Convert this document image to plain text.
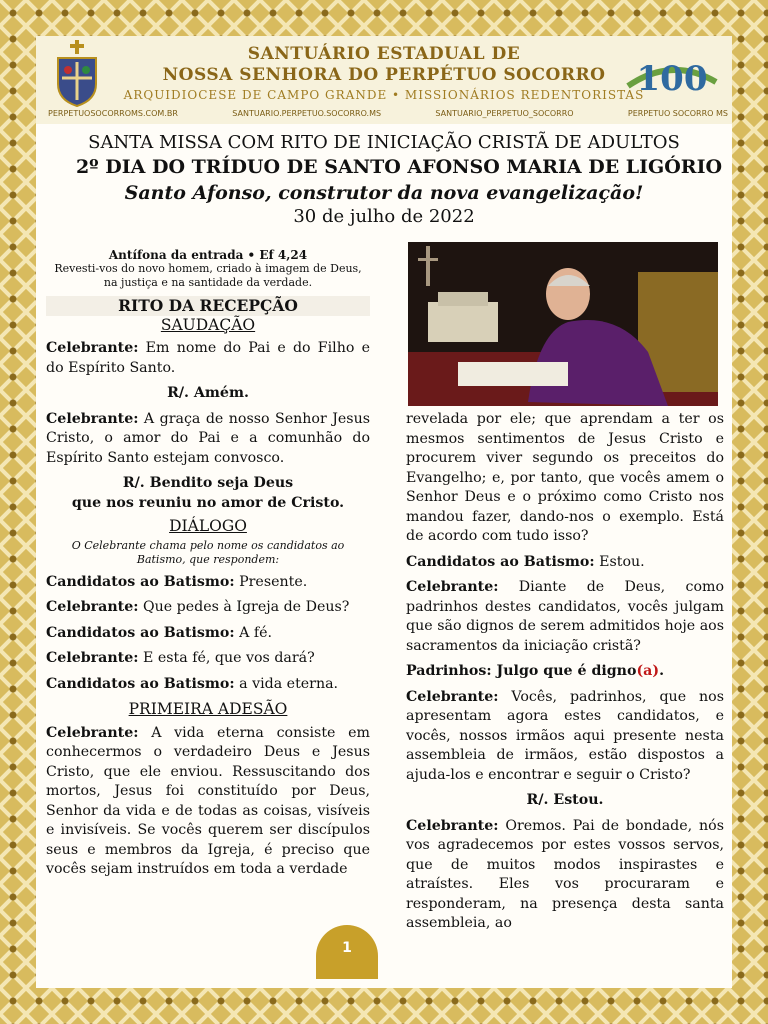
SANTUÁRIO ESTADUAL DE
NOSSA SENHORA DO PERPÉTUO SOCORRO
ARQUIDIOCESE DE CAMPO GRANDE • MISSIONÁRIOS REDENTORISTAS
100
PERPETUOSOCORROMS.COM.BR	SANTUARIO.PERPETUO.SOCORRO.MS	SANTUARIO_PERPETUO_SOCORRO	PERPETUO SOCORRO MS
SANTA MISSA COM RITO DE INICIAÇÃO CRISTÃ DE ADULTOS
2º DIA DO TRÍDUO DE SANTO AFONSO MARIA DE LIGÓRIO
Santo Afonso, construtor da nova evangelização!
30 de julho de 2022
Antífona da entrada • Ef 4,24
Revesti-vos do novo homem, criado à imagem de Deus, na justiça e na santidade da verdade.
RITO DA RECEPÇÃO
SAUDAÇÃO

Celebrante: Em nome do Pai e do Filho e do Espírito Santo.

R/. Amém.

Celebrante: A graça de nosso Senhor Jesus Cristo, o amor do Pai e a comunhão do Espírito Santo estejam convosco.

R/. Bendito seja Deus
que nos reuniu no amor de Cristo.
DIÁLOGO
O Celebrante chama pelo nome os candidatos ao Batismo, que respondem:

Candidatos ao Batismo: Presente.

Celebrante: Que pedes à Igreja de Deus?

Candidatos ao Batismo: A fé.

Celebrante: E esta fé, que vos dará?

Candidatos ao Batismo: a vida eterna.

PRIMEIRA ADESÃO

Celebrante: A vida eterna consiste em conhecermos o verdadeiro Deus e Jesus Cristo, que ele enviou. Ressuscitando dos mortos, Jesus foi constituído por Deus, Senhor da vida e de todas as coisas, visíveis e invisíveis. Se vocês querem ser discípulos seus e membros da Igreja, é preciso que vocês sejam instruídos em toda a verdade

revelada por ele; que aprendam a ter os mesmos sentimentos de Jesus Cristo e procurem viver segundo os preceitos do Evangelho; e, por tanto, que vocês amem o Senhor Deus e o próximo como Cristo nos mandou fazer, dando-nos o exemplo. Está de acordo com tudo isso?

Candidatos ao Batismo: Estou.

Celebrante: Diante de Deus, como padrinhos destes candidatos, vocês julgam que são dignos de serem admitidos hoje aos sacramentos da iniciação cristã?

Padrinhos: Julgo que é digno(a).

Celebrante: Vocês, padrinhos, que nos apresentam agora estes candidatos, e vocês, nossos irmãos aqui presente nesta assembleia de irmãos, estão dispostos a ajuda-los e encontrar e seguir o Cristo?

R/. Estou.

Celebrante: Oremos. Pai de bondade, nós vos agradecemos por estes vossos servos, que de muitos modos inspirastes e atraístes. Eles vos procuraram e responderam, na presença desta santa assembleia, ao

1
